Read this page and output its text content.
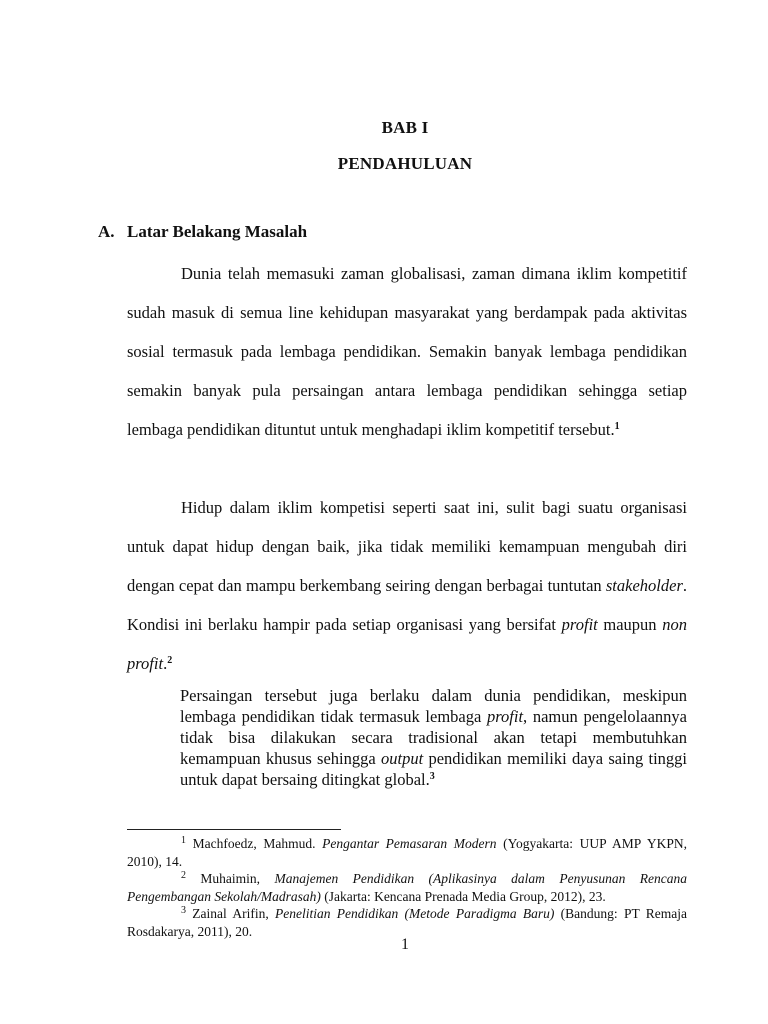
BAB I
PENDAHULUAN
A. Latar Belakang Masalah

Dunia telah memasuki zaman globalisasi, zaman dimana iklim kompetitif sudah masuk di semua line kehidupan masyarakat yang berdampak pada aktivitas sosial termasuk pada lembaga pendidikan. Semakin banyak lembaga pendidikan semakin banyak pula persaingan antara lembaga pendidikan sehingga setiap lembaga pendidikan dituntut untuk menghadapi iklim kompetitif tersebut.$^1$

Hidup dalam iklim kompetisi seperti saat ini, sulit bagi suatu organisasi untuk dapat hidup dengan baik, jika tidak memiliki kemampuan mengubah diri dengan cepat dan mampu berkembang seiring dengan berbagai tuntutan stakeholder. Kondisi ini berlaku hampir pada setiap organisasi yang bersifat profit maupun non profit.$^2$

Persaingan tersebut juga berlaku dalam dunia pendidikan, meskipun lembaga pendidikan tidak termasuk lembaga profit, namun pengelolaannya tidak bisa dilakukan secara tradisional akan tetapi membutuhkan kemampuan khusus sehingga output pendidikan memiliki daya saing tinggi untuk dapat bersaing ditingkat global.$^3$

$^1$ Machfoedz, Mahmud. Pengantar Pemasaran Modern (Yogyakarta: UUP AMP YKPN, 2010), 14.

$^2$ Muhaimin, Manajemen Pendidikan (Aplikasinya dalam Penyusunan Rencana Pengembangan Sekolah/Madrasah) (Jakarta: Kencana Prenada Media Group, 2012), 23.

$^3$ Zainal Arifin, Penelitian Pendidikan (Metode Paradigma Baru) (Bandung: PT Remaja Rosdakarya, 2011), 20.

1
